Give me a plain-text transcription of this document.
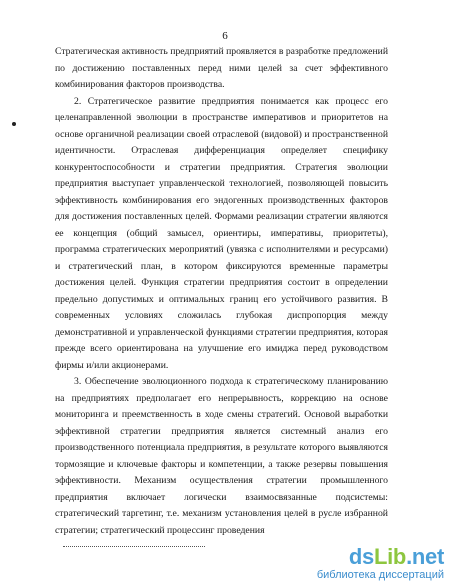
6

Стратегическая активность предприятий проявляется в разработке предложений по достижению поставленных перед ними целей за счет эффективного комбинирования факторов производства.

2. Стратегическое развитие предприятия понимается как процесс его целенаправленной эволюции в пространстве императивов и приоритетов на основе органичной реализации своей отраслевой (видовой) и пространственной идентичности. Отраслевая дифференциация определяет специфику конкурентоспособности и стратегии предприятия. Стратегия эволюции предприятия выступает управленческой технологией, позволяющей повысить эффективность комбинирования его эндогенных производственных факторов для достижения поставленных целей. Формами реализации стратегии являются ее концепция (общий замысел, ориентиры, императивы, приоритеты), программа стратегических мероприятий (увязка с исполнителями и ресурсами) и стратегический план, в котором фиксируются временные параметры достижения целей. Функция стратегии предприятия состоит в определении предельно допустимых и оптимальных границ его устойчивого развития. В современных условиях сложилась глубокая диспропорция между демонстративной и управленческой функциями стратегии предприятия, которая прежде всего ориентирована на улучшение его имиджа перед руководством фирмы и/или акционерами.

3. Обеспечение эволюционного подхода к стратегическому планированию на предприятиях предполагает его непрерывность, коррекцию на основе мониторинга и преемственность в ходе смены стратегий. Основой выработки эффективной стратегии предприятия является системный анализ его производственного потенциала предприятия, в результате которого выявляются тормозящие и ключевые факторы и компетенции, а также резервы повышения эффективности. Механизм осуществления стратегии промышленного предприятия включает логически взаимосвязанные подсистемы: стратегический таргетинг, т.е. механизм установления целей в русле избранной стратегии; стратегический процессинг проведения

dsLib.net
библиотека диссертаций
